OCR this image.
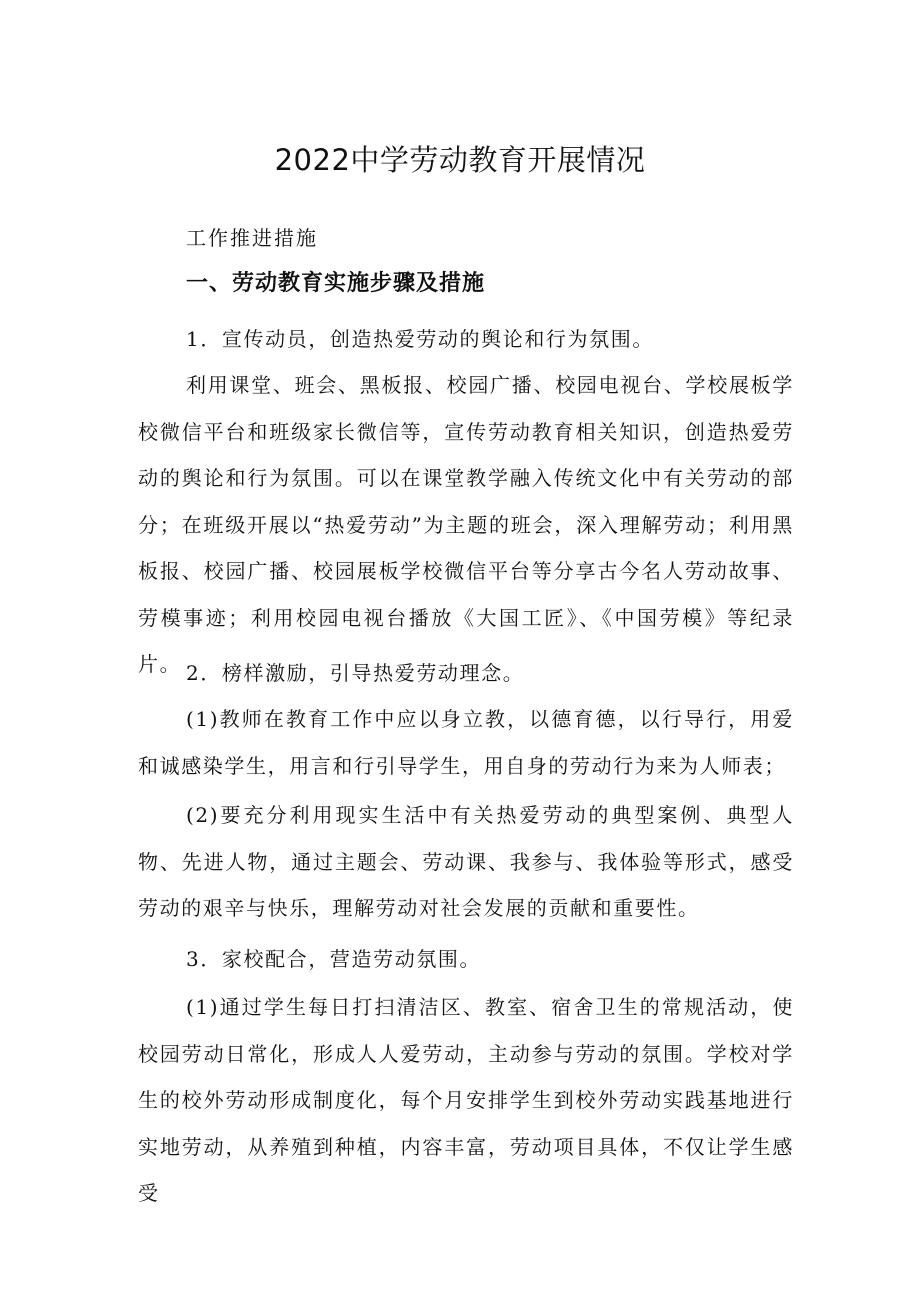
2022中学劳动教育开展情况
工作推进措施
一、劳动教育实施步骤及措施

1．宣传动员，创造热爱劳动的舆论和行为氛围。

利用课堂、班会、黑板报、校园广播、校园电视台、学校展板学校微信平台和班级家长微信等，宣传劳动教育相关知识，创造热爱劳动的舆论和行为氛围。可以在课堂教学融入传统文化中有关劳动的部分；在班级开展以“热爱劳动”为主题的班会，深入理解劳动；利用黑板报、校园广播、校园展板学校微信平台等分享古今名人劳动故事、劳模事迹；利用校园电视台播放《大国工匠》、《中国劳模》等纪录片。 2．榜样激励，引导热爱劳动理念。

(1)教师在教育工作中应以身立教，以德育德，以行导行，用爱和诚感染学生，用言和行引导学生，用自身的劳动行为来为人师表；

(2)要充分利用现实生活中有关热爱劳动的典型案例、典型人物、先进人物，通过主题会、劳动课、我参与、我体验等形式，感受劳动的艰辛与快乐，理解劳动对社会发展的贡献和重要性。

3．家校配合，营造劳动氛围。

(1)通过学生每日打扫清洁区、教室、宿舍卫生的常规活动，使校园劳动日常化，形成人人爱劳动，主动参与劳动的氛围。学校对学生的校外劳动形成制度化，每个月安排学生到校外劳动实践基地进行实地劳动，从养殖到种植，内容丰富，劳动项目具体，不仅让学生感受
